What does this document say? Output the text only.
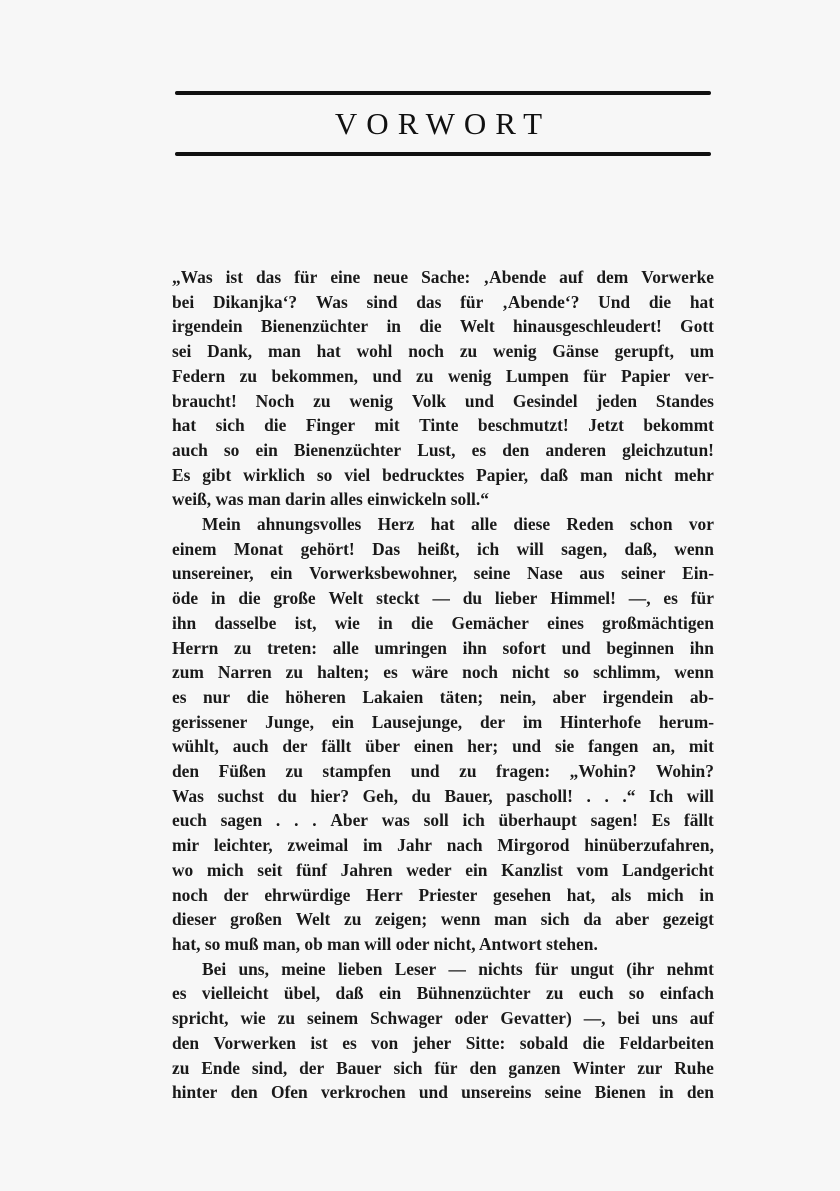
VORWORT

„Was ist das für eine neue Sache: ‚Abende auf dem Vorwerke
bei Dikanjka‘? Was sind das für ‚Abende‘? Und die hat
irgendein Bienenzüchter in die Welt hinausgeschleudert! Gott
sei Dank, man hat wohl noch zu wenig Gänse gerupft, um
Federn zu bekommen, und zu wenig Lumpen für Papier ver-
braucht! Noch zu wenig Volk und Gesindel jeden Standes
hat sich die Finger mit Tinte beschmutzt! Jetzt bekommt
auch so ein Bienenzüchter Lust, es den anderen gleichzutun!
Es gibt wirklich so viel bedrucktes Papier, daß man nicht mehr
weiß, was man darin alles einwickeln soll.“

Mein ahnungsvolles Herz hat alle diese Reden schon vor
einem Monat gehört! Das heißt, ich will sagen, daß, wenn
unsereiner, ein Vorwerksbewohner, seine Nase aus seiner Ein-
öde in die große Welt steckt — du lieber Himmel! —, es für
ihn dasselbe ist, wie in die Gemächer eines großmächtigen
Herrn zu treten: alle umringen ihn sofort und beginnen ihn
zum Narren zu halten; es wäre noch nicht so schlimm, wenn
es nur die höheren Lakaien täten; nein, aber irgendein ab-
gerissener Junge, ein Lausejunge, der im Hinterhofe herum-
wühlt, auch der fällt über einen her; und sie fangen an, mit
den Füßen zu stampfen und zu fragen: „Wohin? Wohin?
Was suchst du hier? Geh, du Bauer, pascholl! . . .“ Ich will
euch sagen . . . Aber was soll ich überhaupt sagen! Es fällt
mir leichter, zweimal im Jahr nach Mirgorod hinüberzufahren,
wo mich seit fünf Jahren weder ein Kanzlist vom Landgericht
noch der ehrwürdige Herr Priester gesehen hat, als mich in
dieser großen Welt zu zeigen; wenn man sich da aber gezeigt
hat, so muß man, ob man will oder nicht, Antwort stehen.

Bei uns, meine lieben Leser — nichts für ungut (ihr nehmt
es vielleicht übel, daß ein Bühnenzüchter zu euch so einfach
spricht, wie zu seinem Schwager oder Gevatter) —, bei uns auf
den Vorwerken ist es von jeher Sitte: sobald die Feldarbeiten
zu Ende sind, der Bauer sich für den ganzen Winter zur Ruhe
hinter den Ofen verkrochen und unsereins seine Bienen in den
